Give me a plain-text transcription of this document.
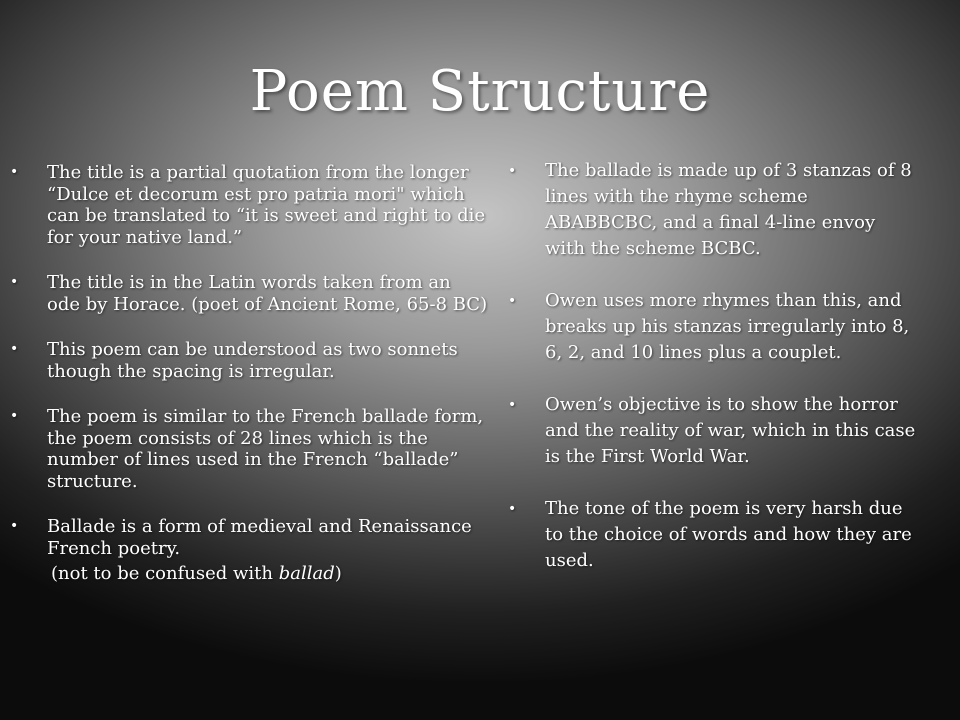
Poem Structure
• The title is a partial quotation from the longer “Dulce et decorum est pro patria mori" which can be translated to “it is sweet and right to die for your native land.”
• The title is in the Latin words taken from an ode by Horace. (poet of Ancient Rome, 65-8 BC)
• This poem can be understood as two sonnets though the spacing is irregular.
• The poem is similar to the French ballade form, the poem consists of 28 lines which is the number of lines used in the French “ballade” structure.
• Ballade is a form of medieval and Renaissance French poetry.
(not to be confused with ballad)
• The ballade is made up of 3 stanzas of 8 lines with the rhyme scheme ABABBCBC, and a final 4-line envoy with the scheme BCBC.
• Owen uses more rhymes than this, and breaks up his stanzas irregularly into 8, 6, 2, and 10 lines plus a couplet.
• Owen’s objective is to show the horror and the reality of war, which in this case is the First World War.
• The tone of the poem is very harsh due to the choice of words and how they are used.
